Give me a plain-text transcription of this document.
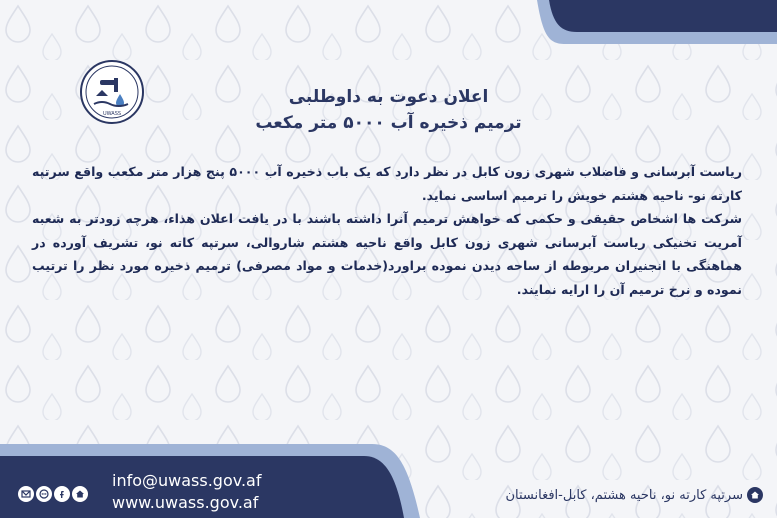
UWASS

اعلان دعوت به داوطلبی

ترمیم ذخیره آب ۵۰۰۰ متر مکعب

ریاست آبرسانی و فاضلاب شهری زون کابل در نظر دارد که یک باب ذخیره آب ۵۰۰۰ پنج هزار متر مکعب واقع سرتپه کارته نو- ناحیه هشتم خویش را ترمیم اساسی نماید.

شرکت ها اشخاص حقیقی و حکمی که خواهش ترمیم آنرا داشته باشند با در یافت اعلان هذاء، هرچه زودتر به شعبه آمریت تخنیکی ریاست آبرسانی شهری زون کابل واقع ناحیه هشتم شاروالی، سرتپه کاته نو، تشریف آورده در هماهنگی با انجنیران مربوطه از ساحه دیدن نموده براورد(خدمات و مواد مصرفی) ترمیم ذخیره مورد نظر را ترتیب نموده و نرخ ترمیم آن را ارایه نمایند.

info@uwass.gov.af
www.uwass.gov.af	سرتپه کارته نو، ناحیه هشتم، کابل-افغانستان
